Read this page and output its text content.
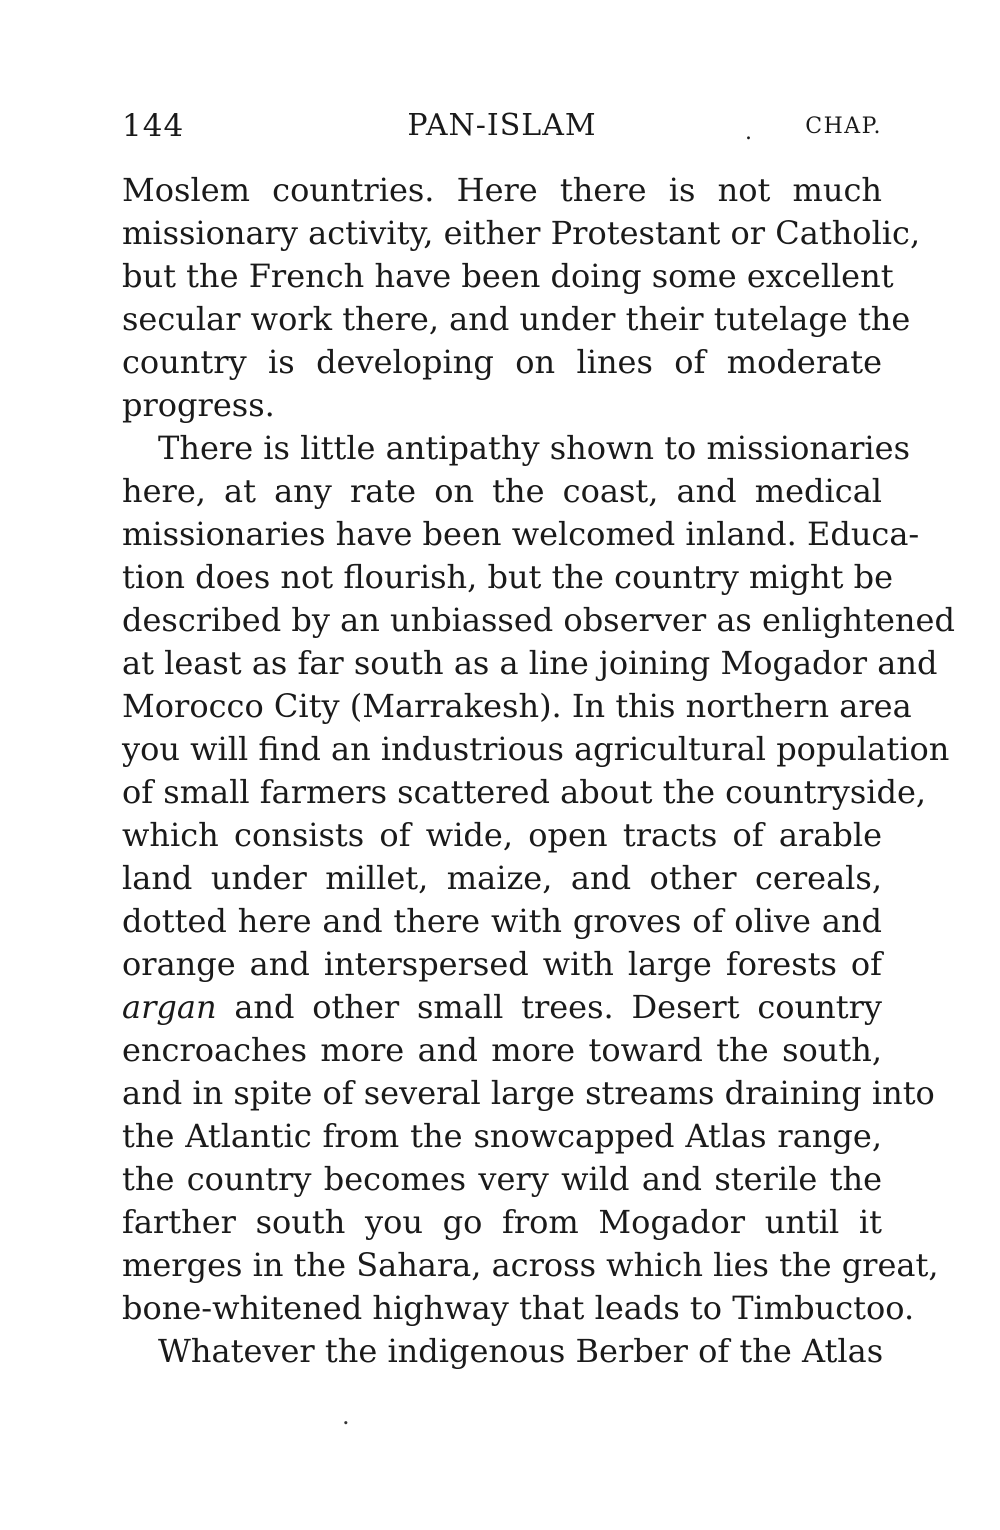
144	PAN-ISLAM	. CHAP.
Moslem countries. Here there is not much
missionary activity, either Protestant or Catholic,
but the French have been doing some excellent
secular work there, and under their tutelage the
country is developing on lines of moderate
progress.
There is little antipathy shown to missionaries
here, at any rate on the coast, and medical
missionaries have been welcomed inland. Educa-
tion does not flourish, but the country might be
described by an unbiassed observer as enlightened
at least as far south as a line joining Mogador and
Morocco City (Marrakesh). In this northern area
you will find an industrious agricultural population
of small farmers scattered about the countryside,
which consists of wide, open tracts of arable
land under millet, maize, and other cereals,
dotted here and there with groves of olive and
orange and interspersed with large forests of
argan and other small trees. Desert country
encroaches more and more toward the south,
and in spite of several large streams draining into
the Atlantic from the snowcapped Atlas range,
the country becomes very wild and sterile the
farther south you go from Mogador until it
merges in the Sahara, across which lies the great,
bone-whitened highway that leads to Timbuctoo.
Whatever the indigenous Berber of the Atlas
.
